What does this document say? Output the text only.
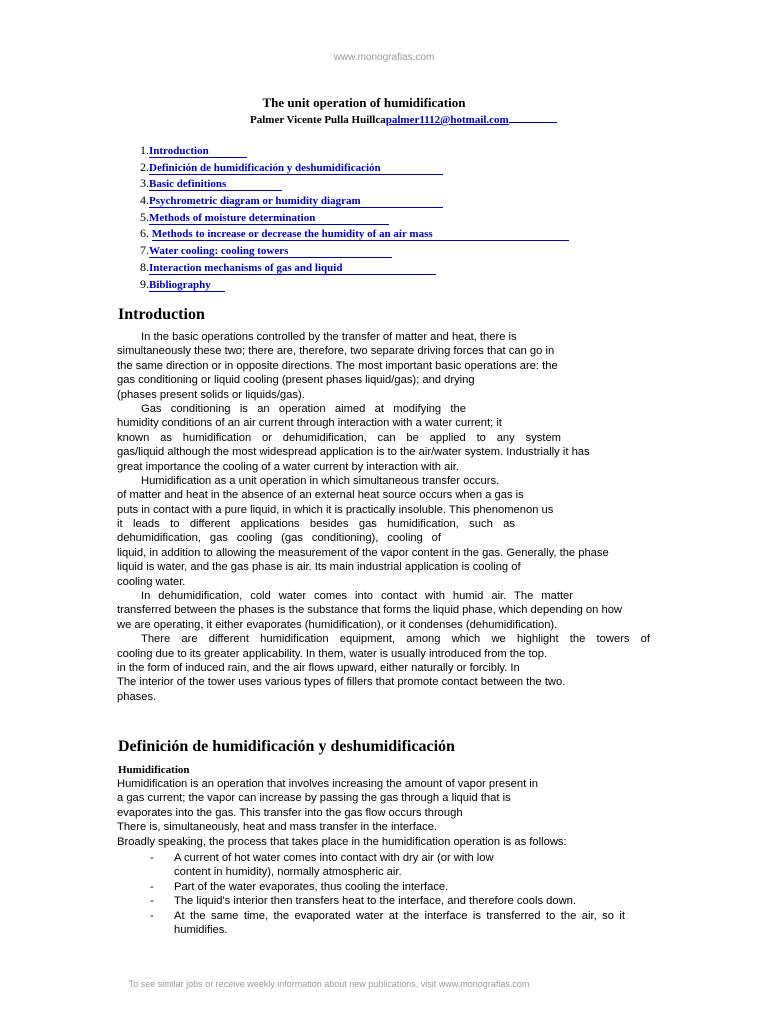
www.monografias.com
The unit operation of humidification
Palmer Vicente Pulla Huillcapalmer1112@hotmail.com
1.Introduction
2.Definición de humidificación y deshumidificación
3.Basic definitions
4.Psychrometric diagram or humidity diagram
5.Methods of moisture determination
6. Methods to increase or decrease the humidity of an air mass
7.Water cooling: cooling towers
8.Interaction mechanisms of gas and liquid
9.Bibliography
Introduction
In the basic operations controlled by the transfer of matter and heat, there is
simultaneously these two; there are, therefore, two separate driving forces that can go in
the same direction or in opposite directions. The most important basic operations are: the
gas conditioning or liquid cooling (present phases liquid/gas); and drying
(phases present solids or liquids/gas).
Gas conditioning is an operation aimed at modifying the
humidity conditions of an air current through interaction with a water current; it
known as humidification or dehumidification, can be applied to any system
gas/liquid although the most widespread application is to the air/water system. Industrially it has
great importance the cooling of a water current by interaction with air.
Humidification as a unit operation in which simultaneous transfer occurs.
of matter and heat in the absence of an external heat source occurs when a gas is
puts in contact with a pure liquid, in which it is practically insoluble. This phenomenon us
it leads to different applications besides gas humidification, such as
dehumidification, gas cooling (gas conditioning), cooling of
liquid, in addition to allowing the measurement of the vapor content in the gas. Generally, the phase
liquid is water, and the gas phase is air. Its main industrial application is cooling of
cooling water.
In dehumidification, cold water comes into contact with humid air. The matter
transferred between the phases is the substance that forms the liquid phase, which depending on how
we are operating, it either evaporates (humidification), or it condenses (dehumidification).
There are different humidification equipment, among which we highlight the towers of
cooling due to its greater applicability. In them, water is usually introduced from the top.
in the form of induced rain, and the air flows upward, either naturally or forcibly. In
The interior of the tower uses various types of fillers that promote contact between the two.
phases.
Definición de humidificación y deshumidificación
Humidification
Humidification is an operation that involves increasing the amount of vapor present in
a gas current; the vapor can increase by passing the gas through a liquid that is
evaporates into the gas. This transfer into the gas flow occurs through
There is, simultaneously, heat and mass transfer in the interface.
Broadly speaking, the process that takes place in the humidification operation is as follows:
- A current of hot water comes into contact with dry air (or with low content in humidity), normally atmospheric air.
- Part of the water evaporates, thus cooling the interface.
- The liquid's interior then transfers heat to the interface, and therefore cools down.
- At the same time, the evaporated water at the interface is transferred to the air, so it humidifies.
To see similar jobs or receive weekly information about new publications, visit www.monografias.com
